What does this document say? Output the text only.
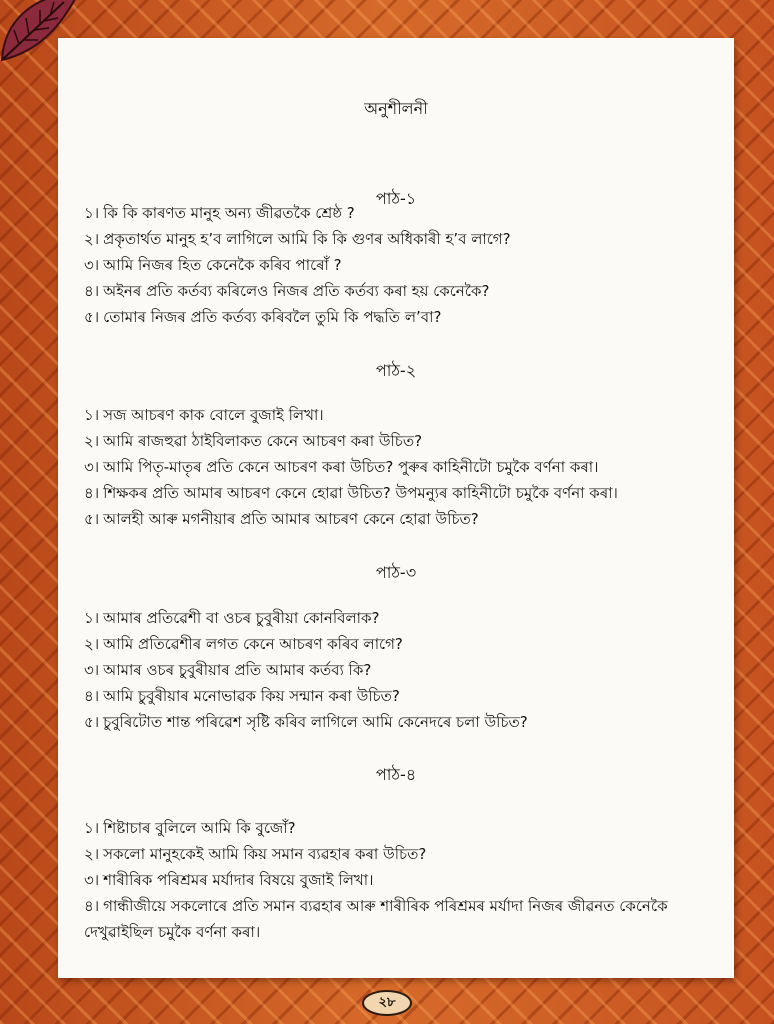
অনুশীলনী
পাঠ-১
১। কি কি কাৰণত মানুহ অন্য জীৱতকৈ শ্ৰেষ্ঠ ?
২। প্ৰকৃতাৰ্থত মানুহ হ’ব লাগিলে আমি কি কি গুণৰ অধিকাৰী হ’ব লাগে?
৩। আমি নিজৰ হিত কেনেকৈ কৰিব পাৰোঁ ?
৪। অইনৰ প্ৰতি কৰ্তব্য কৰিলেও নিজৰ প্ৰতি কৰ্তব্য কৰা হয় কেনেকৈ?
৫। তোমাৰ নিজৰ প্ৰতি কৰ্তব্য কৰিবলৈ তুমি কি পদ্ধতি ল’বা?
পাঠ-২
১। সজ আচৰণ কাক বোলে বুজাই লিখা।
২। আমি ৰাজহুৱা ঠাইবিলাকত কেনে আচৰণ কৰা উচিত?
৩। আমি পিতৃ-মাতৃৰ প্ৰতি কেনে আচৰণ কৰা উচিত? পুৰুৰ কাহিনীটো চমুকৈ বৰ্ণনা কৰা।
৪। শিক্ষকৰ প্ৰতি আমাৰ আচৰণ কেনে হোৱা উচিত? উপমন্যুৰ কাহিনীটো চমুকৈ বৰ্ণনা কৰা।
৫। আলহী আৰু মগনীয়াৰ প্ৰতি আমাৰ আচৰণ কেনে হোৱা উচিত?
পাঠ-৩
১। আমাৰ প্ৰতিৱেশী বা ওচৰ চুবুৰীয়া কোনবিলাক?
২। আমি প্ৰতিৱেশীৰ লগত কেনে আচৰণ কৰিব লাগে?
৩। আমাৰ ওচৰ চুবুৰীয়াৰ প্ৰতি আমাৰ কৰ্তব্য কি?
৪। আমি চুবুৰীয়াৰ মনোভাৱক কিয় সন্মান কৰা উচিত?
৫। চুবুৰিটোত শান্ত পৰিৱেশ সৃষ্টি কৰিব লাগিলে আমি কেনেদৰে চলা উচিত?
পাঠ-৪
১। শিষ্টাচাৰ বুলিলে আমি কি বুজোঁ?
২। সকলো মানুহকেই আমি কিয় সমান ব্যৱহাৰ কৰা উচিত?
৩। শাৰীৰিক পৰিশ্ৰমৰ মৰ্যাদাৰ বিষয়ে বুজাই লিখা।
৪। গান্ধীজীয়ে সকলোৰে প্ৰতি সমান ব্যৱহাৰ আৰু শাৰীৰিক পৰিশ্ৰমৰ মৰ্যাদা নিজৰ জীৱনত কেনেকৈ দেখুৱাইছিল চমুকৈ বৰ্ণনা কৰা।
২৮
